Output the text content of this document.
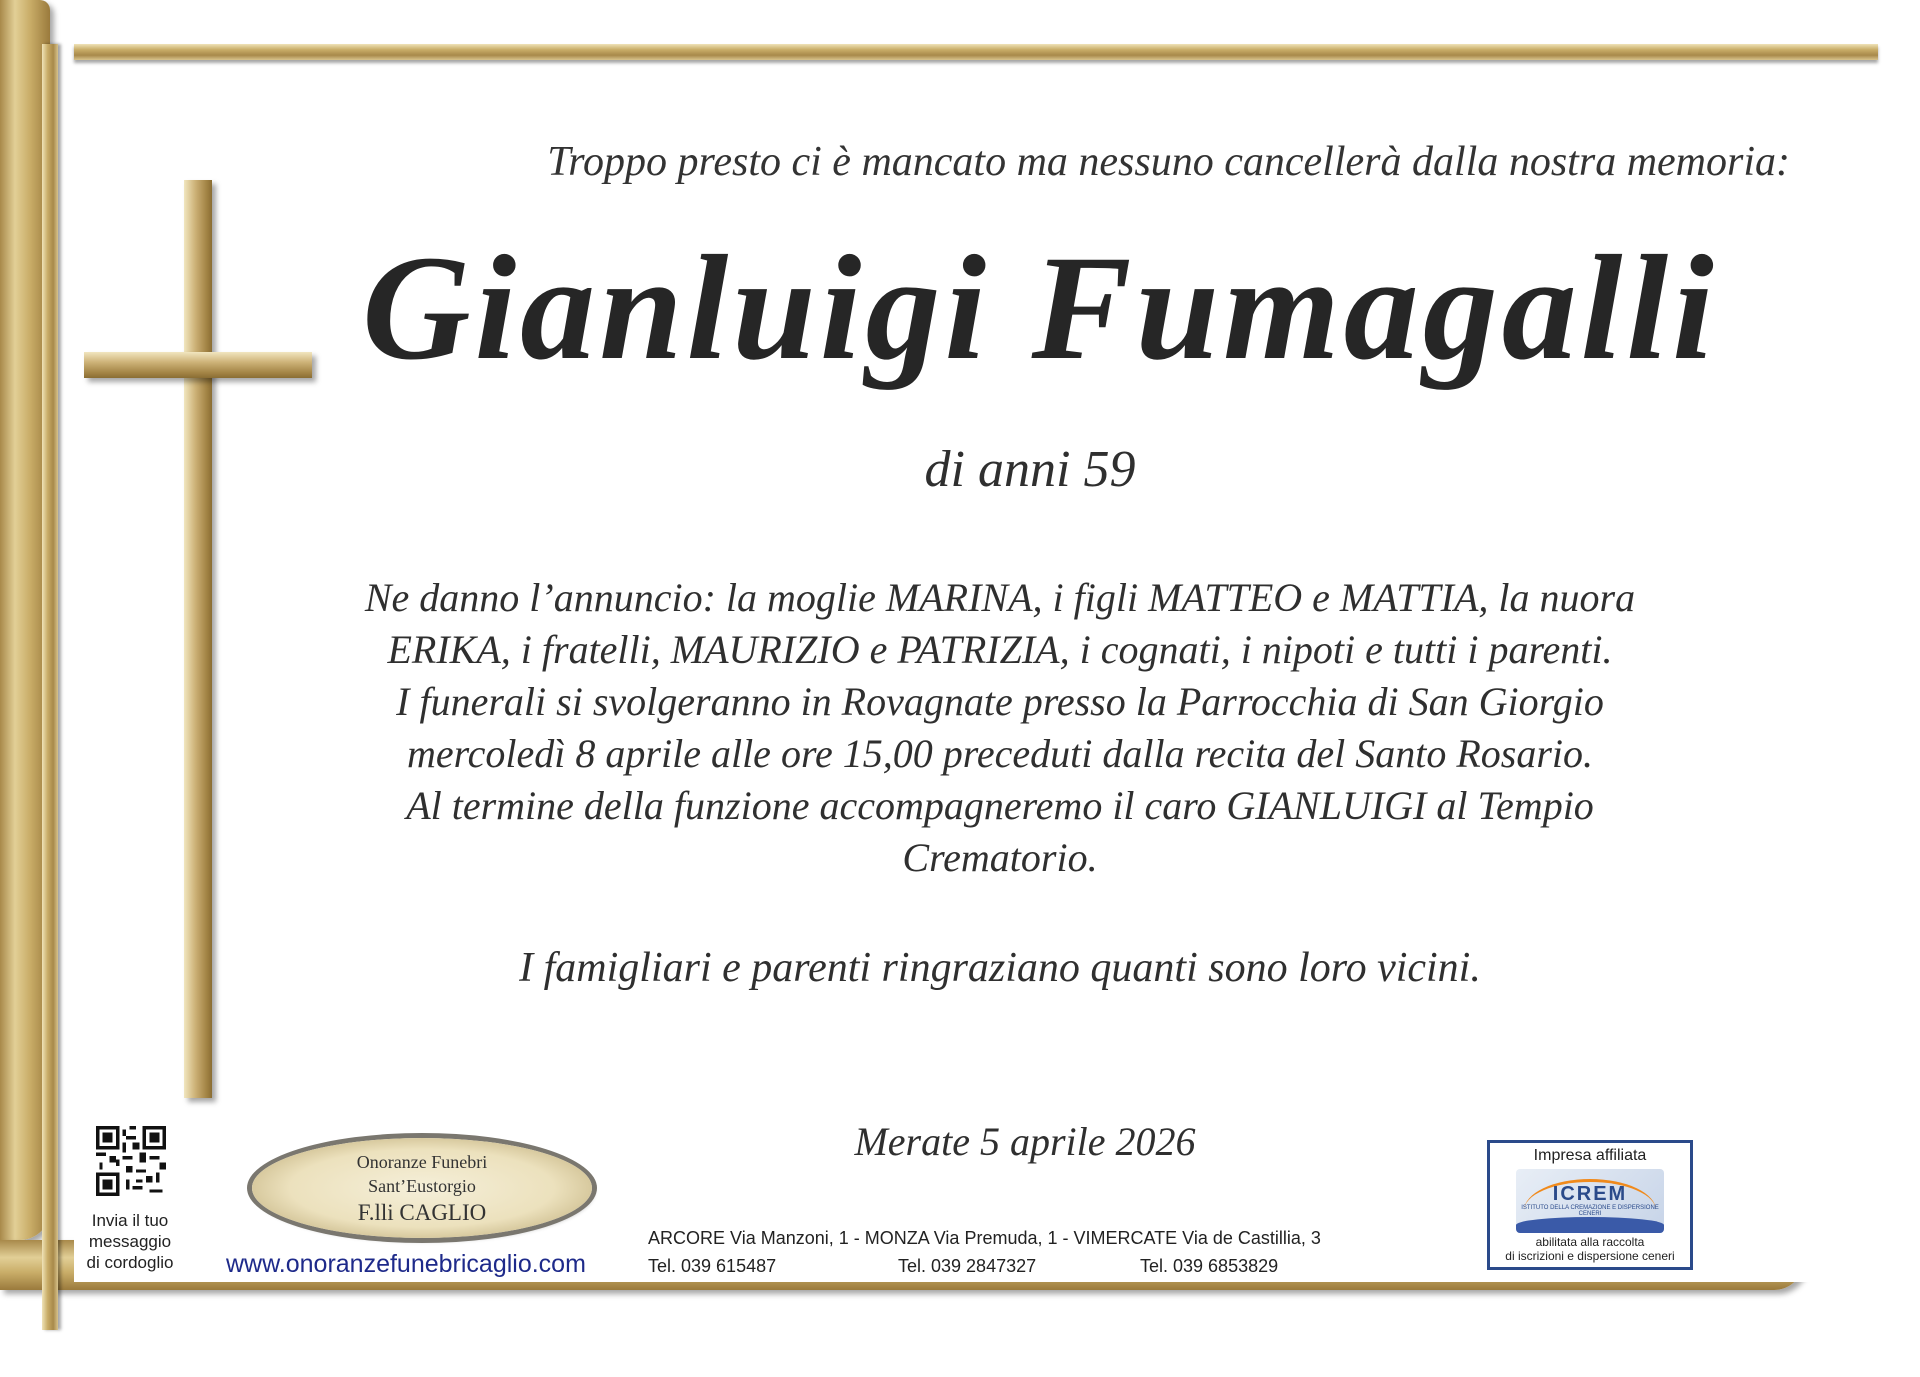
Troppo presto ci è mancato ma nessuno cancellerà dalla nostra memoria:
Gianluigi Fumagalli
di anni 59

Ne danno l’annuncio: la moglie MARINA, i figli MATTEO e MATTIA, la nuora

ERIKA, i fratelli, MAURIZIO e PATRIZIA, i cognati, i nipoti e tutti i parenti.

I funerali si svolgeranno in Rovagnate presso la Parrocchia di San Giorgio

mercoledì 8 aprile alle ore 15,00 preceduti dalla recita del Santo Rosario.

Al termine della funzione accompagneremo il caro GIANLUIGI al Tempio

Crematorio.

I famigliari e parenti ringraziano quanti sono loro vicini.
Merate 5 aprile 2026
Invia il tuo
messaggio
di cordoglio
Onoranze Funebri
Sant’Eustorgio
F.lli CAGLIO
www.onoranzefunebricaglio.com
ARCORE Via Manzoni, 1 - MONZA Via Premuda, 1 - VIMERCATE Via de Castillia, 3
Tel. 039 615487	Tel. 039 2847327	Tel. 039 6853829
Impresa affiliata
ICREM
ISTITUTO DELLA CREMAZIONE E DISPERSIONE CENERI
abilitata alla raccolta
di iscrizioni e dispersione ceneri
